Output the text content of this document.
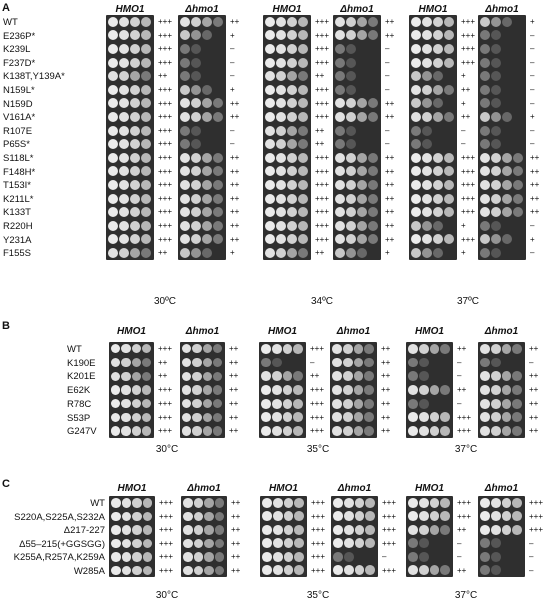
A
WT
E236P*
K239L
F237D*
K138T,Y139A*
N159L*
N159D
V161A*
R107E
P65S*
S118L*
F148H*
T153I*
K211L*
K133T
R220H
Y231A
F155S
30ºC
HMO1
+++
+++
+++
+++
++
+++
+++
+++
+++
+++
+++
+++
+++
+++
+++
+++
+++
++
Δhmo1
++
+
–
–
–
+
++
++
–
–
++
++
++
++
++
++
++
+
34ºC
HMO1
+++
+++
+++
+++
++
+++
+++
+++
++
++
+++
+++
+++
+++
+++
+++
+++
++
Δhmo1
++
++
–
–
–
–
++
++
–
–
++
++
++
++
++
++
++
+
37ºC
HMO1
+++
+++
+++
+++
+
++
+
++
–
–
+++
+++
+++
+++
+++
+
+++
+
Δhmo1
+
–
–
–
–
–
–
+
–
–
++
++
++
++
++
–
+
–
B
WT
K190E
K201E
E62K
R78C
S53P
G247V
30°C
HMO1
+++
++
++
+++
+++
+++
+++
Δhmo1
++
++
++
++
++
++
++
35°C
HMO1
+++
–
++
+++
+++
+++
+++
Δhmo1
++
++
++
++
++
++
++
37°C
HMO1
++
–
–
++
–
+++
+++
Δhmo1
++
–
++
++
++
++
++
C
WT
S220A,S225A,S232A
Δ217-227
Δ55–215(+GGSGG)
K255A,R257A,K259A
W285A
30°C
HMO1
+++
+++
+++
+++
+++
+++
Δhmo1
++
++
++
++
++
++
35°C
HMO1
+++
+++
+++
+++
+++
+++
Δhmo1
+++
+++
+++
+++
–
+++
37°C
HMO1
+++
+++
++
–
–
++
Δhmo1
+++
+++
+++
–
–
–
